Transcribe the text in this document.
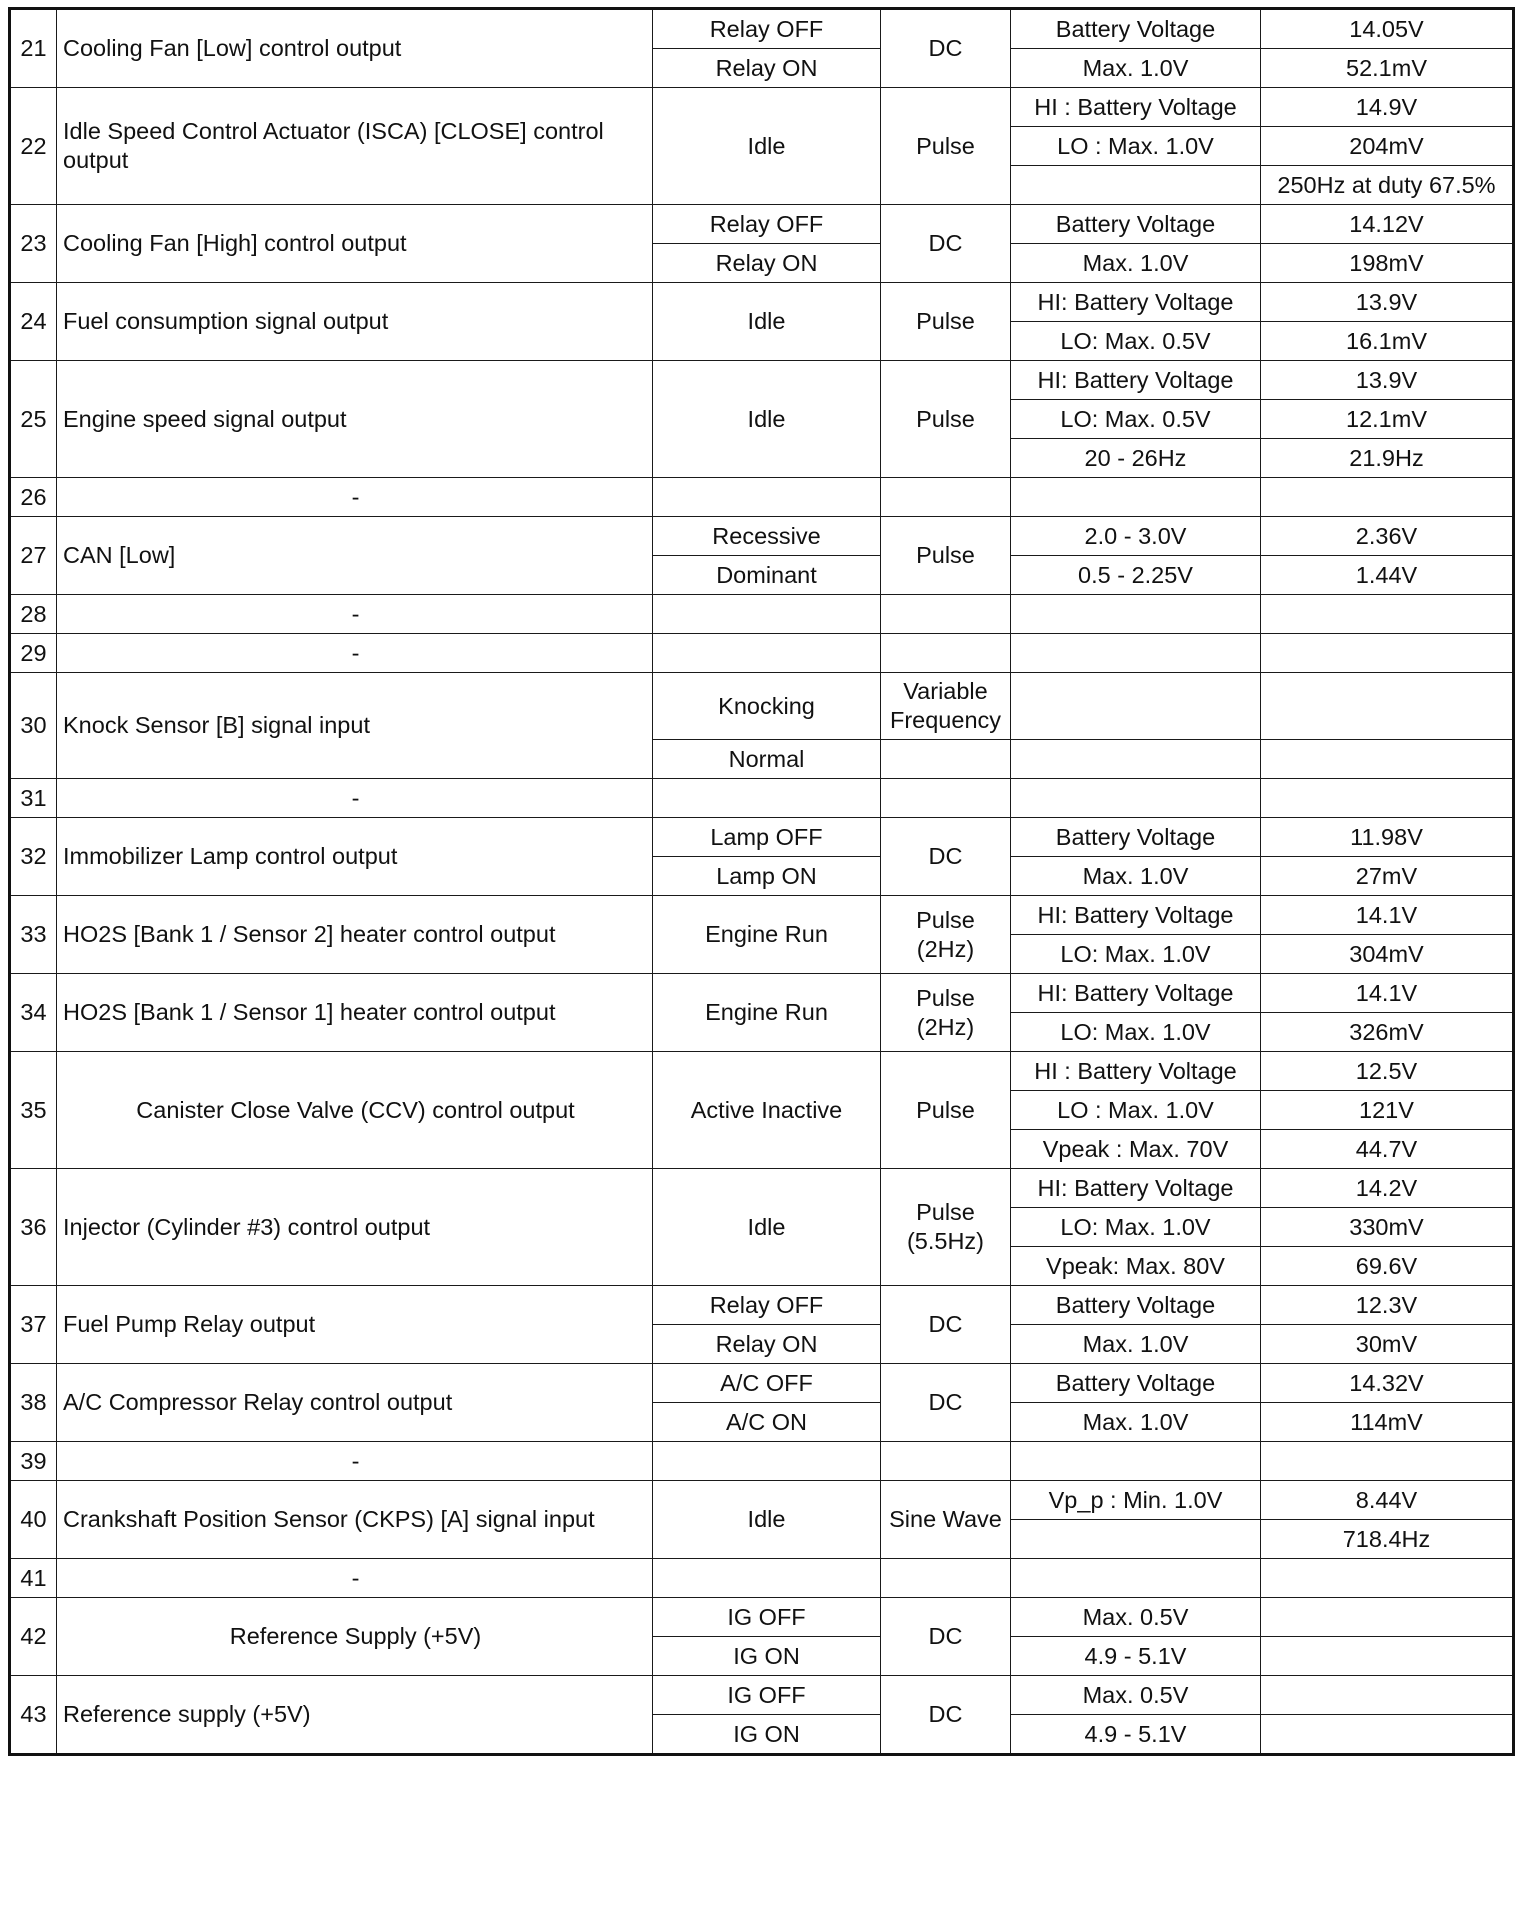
21	Cooling Fan [Low] control output	Relay OFF	DC	Battery Voltage	14.05V
		Relay ON		Max. 1.0V	52.1mV
22	Idle Speed Control Actuator (ISCA) [CLOSE] control output	Idle	Pulse	HI : Battery Voltage	14.9V
				LO : Max. 1.0V	204mV
					250Hz at duty 67.5%
23	Cooling Fan [High] control output	Relay OFF	DC	Battery Voltage	14.12V
		Relay ON		Max. 1.0V	198mV
24	Fuel consumption signal output	Idle	Pulse	HI: Battery Voltage	13.9V
				LO: Max. 0.5V	16.1mV
25	Engine speed signal output	Idle	Pulse	HI: Battery Voltage	13.9V
				LO: Max. 0.5V	12.1mV
				20 - 26Hz	21.9Hz
26	-				
27	CAN [Low]	Recessive	Pulse	2.0 - 3.0V	2.36V
		Dominant		0.5 - 2.25V	1.44V
28	-				
29	-				
30	Knock Sensor [B] signal input	Knocking	Variable Frequency		
		Normal			
31	-				
32	Immobilizer Lamp control output	Lamp OFF	DC	Battery Voltage	11.98V
		Lamp ON		Max. 1.0V	27mV
33	HO2S [Bank 1 / Sensor 2] heater control output	Engine Run	Pulse (2Hz)	HI: Battery Voltage	14.1V
				LO: Max. 1.0V	304mV
34	HO2S [Bank 1 / Sensor 1] heater control output	Engine Run	Pulse (2Hz)	HI: Battery Voltage	14.1V
				LO: Max. 1.0V	326mV
35	Canister Close Valve (CCV) control output	Active Inactive	Pulse	HI : Battery Voltage	12.5V
				LO : Max. 1.0V	121V
				Vpeak : Max. 70V	44.7V
36	Injector (Cylinder #3) control output	Idle	Pulse (5.5Hz)	HI: Battery Voltage	14.2V
				LO: Max. 1.0V	330mV
				Vpeak: Max. 80V	69.6V
37	Fuel Pump Relay output	Relay OFF	DC	Battery Voltage	12.3V
		Relay ON		Max. 1.0V	30mV
38	A/C Compressor Relay control output	A/C OFF	DC	Battery Voltage	14.32V
		A/C ON		Max. 1.0V	114mV
39	-				
40	Crankshaft Position Sensor (CKPS) [A] signal input	Idle	Sine Wave	Vp_p : Min. 1.0V	8.44V
					718.4Hz
41	-				
42	Reference Supply (+5V)	IG OFF	DC	Max. 0.5V	
		IG ON		4.9 - 5.1V	
43	Reference supply (+5V)	IG OFF	DC	Max. 0.5V	
		IG ON		4.9 - 5.1V	
